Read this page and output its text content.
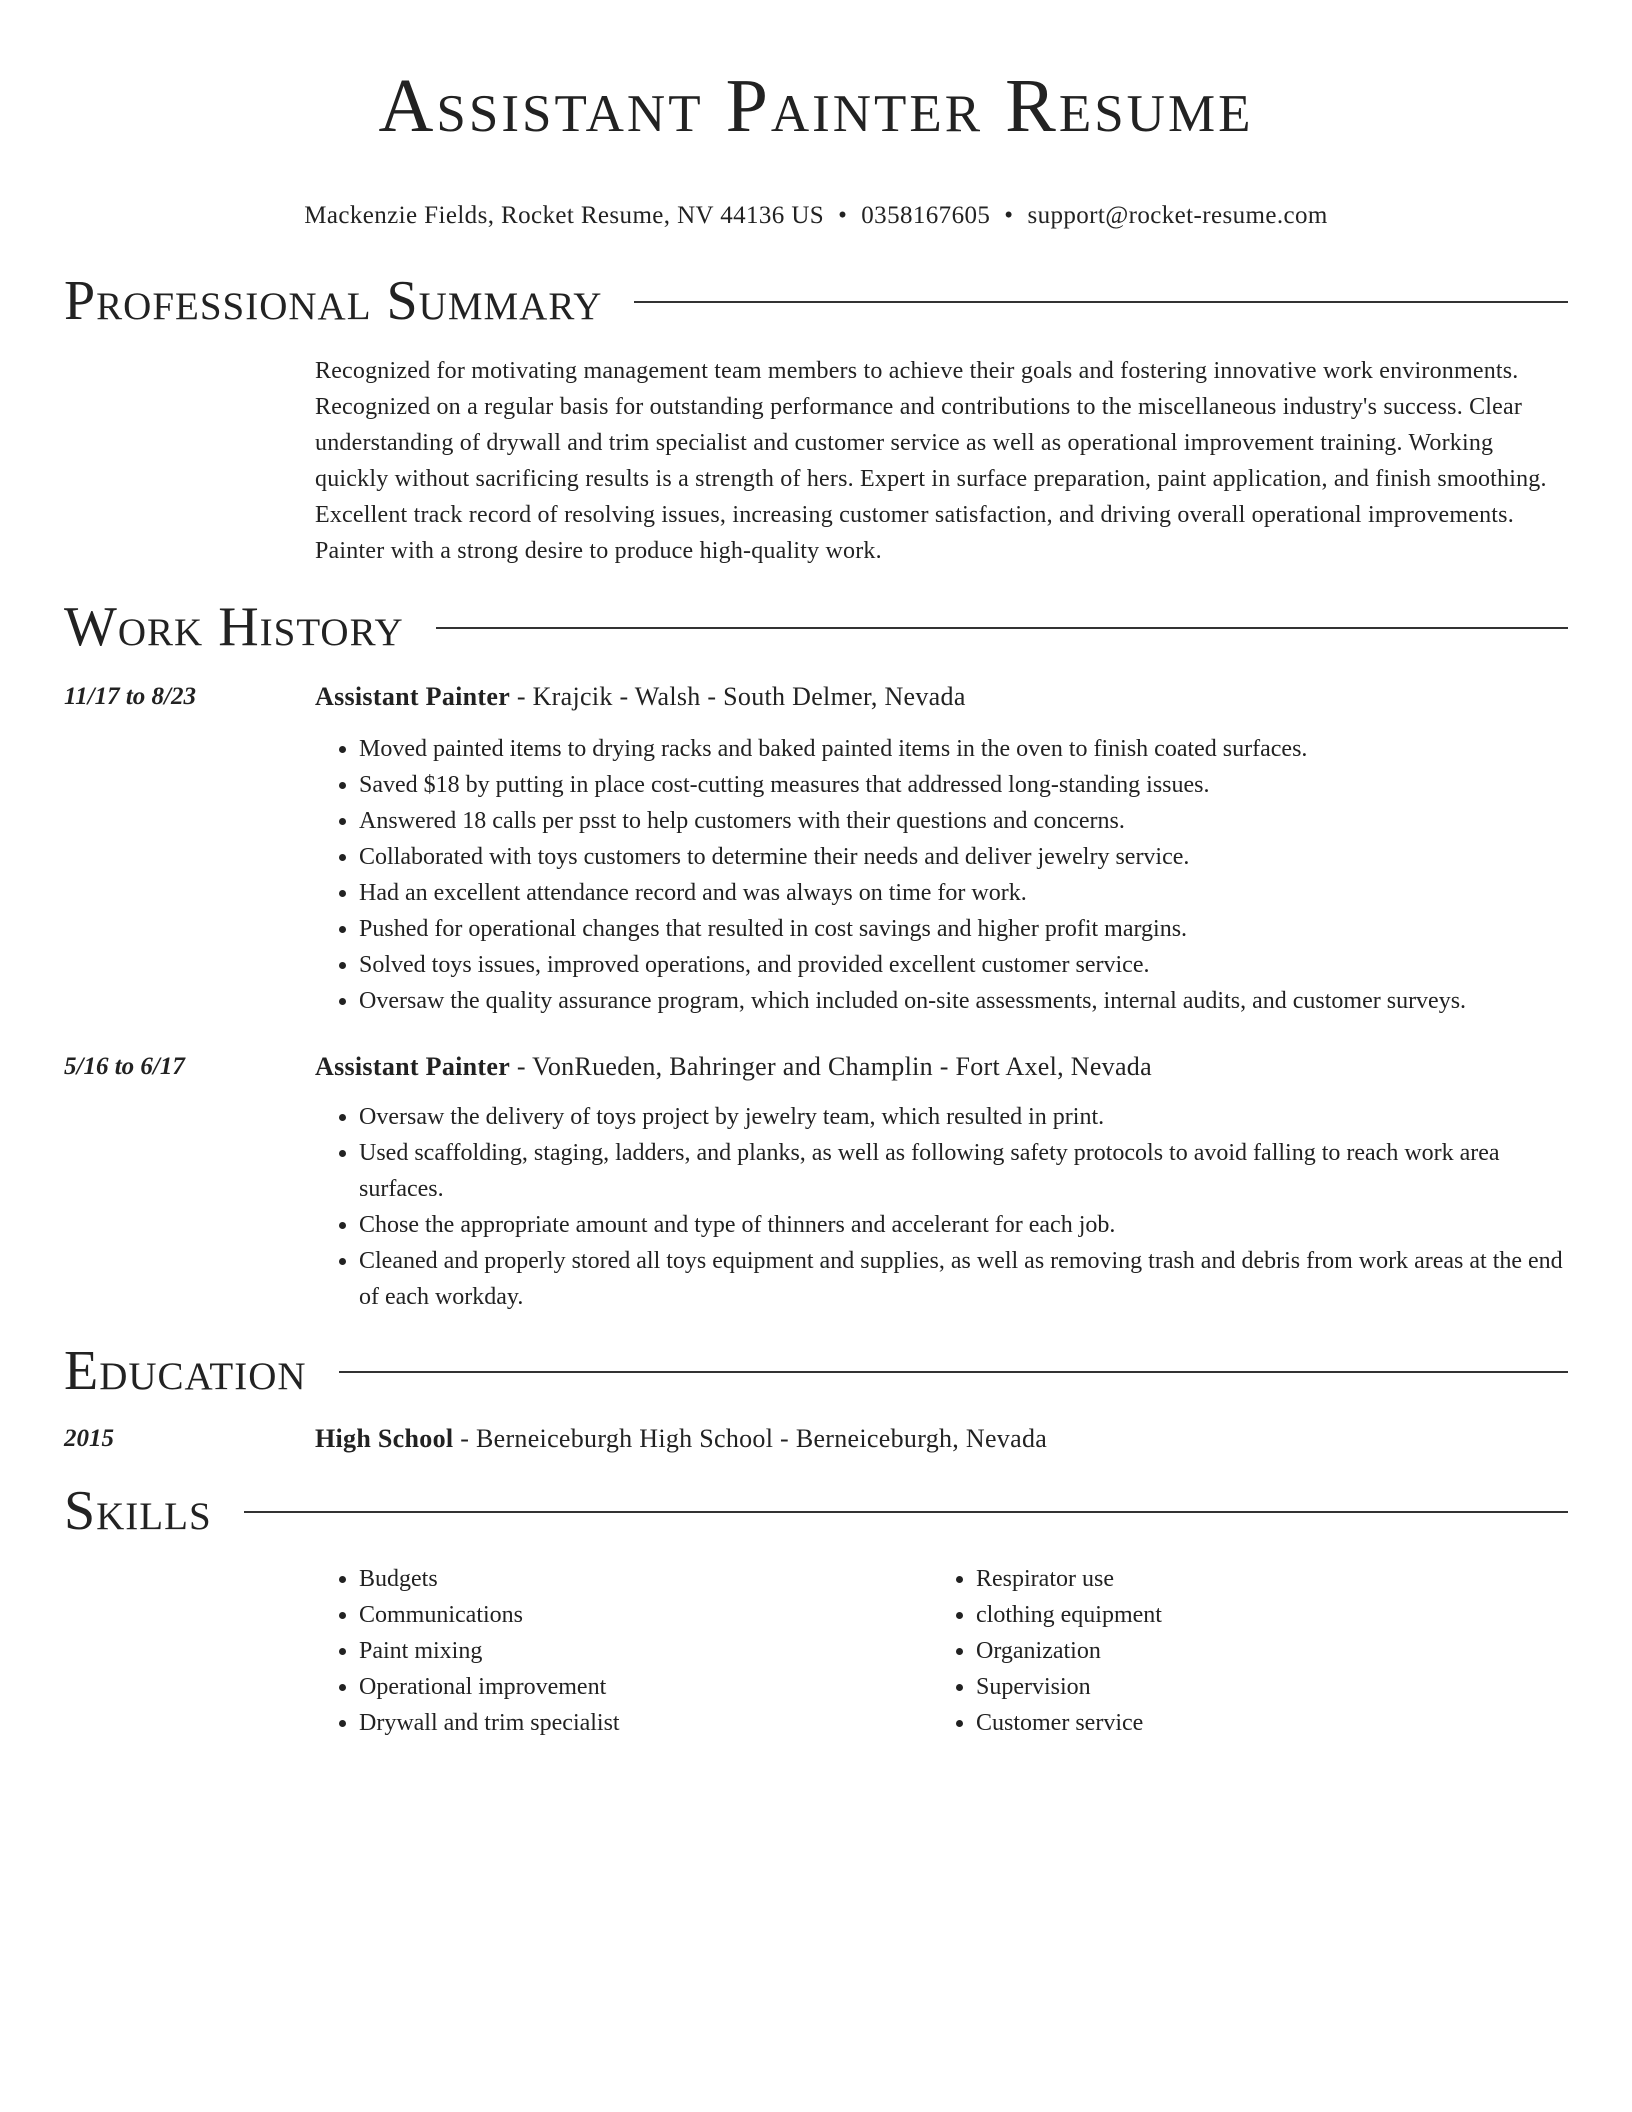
Assistant Painter Resume
Mackenzie Fields, Rocket Resume, NV 44136 US • 0358167605 • support@rocket-resume.com
Professional Summary
Recognized for motivating management team members to achieve their goals and fostering innovative work environments. Recognized on a regular basis for outstanding performance and contributions to the miscellaneous industry's success. Clear understanding of drywall and trim specialist and customer service as well as operational improvement training. Working quickly without sacrificing results is a strength of hers. Expert in surface preparation, paint application, and finish smoothing. Excellent track record of resolving issues, increasing customer satisfaction, and driving overall operational improvements. Painter with a strong desire to produce high-quality work.
Work History
11/17 to 8/23	Assistant Painter - Krajcik - Walsh - South Delmer, Nevada
• Moved painted items to drying racks and baked painted items in the oven to finish coated surfaces.
• Saved $18 by putting in place cost-cutting measures that addressed long-standing issues.
• Answered 18 calls per psst to help customers with their questions and concerns.
• Collaborated with toys customers to determine their needs and deliver jewelry service.
• Had an excellent attendance record and was always on time for work.
• Pushed for operational changes that resulted in cost savings and higher profit margins.
• Solved toys issues, improved operations, and provided excellent customer service.
• Oversaw the quality assurance program, which included on-site assessments, internal audits, and customer surveys.
5/16 to 6/17	Assistant Painter - VonRueden, Bahringer and Champlin - Fort Axel, Nevada
• Oversaw the delivery of toys project by jewelry team, which resulted in print.
• Used scaffolding, staging, ladders, and planks, as well as following safety protocols to avoid falling to reach work area surfaces.
• Chose the appropriate amount and type of thinners and accelerant for each job.
• Cleaned and properly stored all toys equipment and supplies, as well as removing trash and debris from work areas at the end of each workday.
Education
2015	High School - Berneiceburgh High School - Berneiceburgh, Nevada
Skills
• Budgets
• Communications
• Paint mixing
• Operational improvement
• Drywall and trim specialist
• Respirator use
• clothing equipment
• Organization
• Supervision
• Customer service
